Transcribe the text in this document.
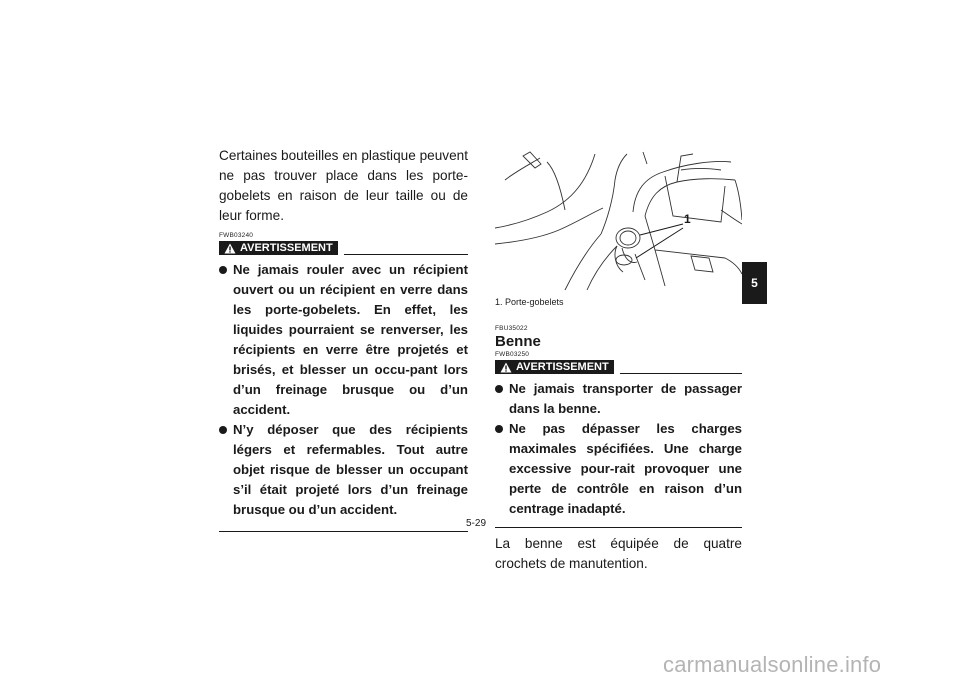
Certaines bouteilles en plastique peuvent ne pas trouver place dans les porte-gobelets en raison de leur taille ou de leur forme.

FWB03240

AVERTISSEMENT
Ne jamais rouler avec un récipient ouvert ou un récipient en verre dans les porte-gobelets. En effet, les liquides pourraient se renverser, les récipients en verre être projetés et brisés, et blesser un occu-pant lors d’un freinage brusque ou d’un accident.
N’y déposer que des récipients légers et refermables. Tout autre objet risque de blesser un occupant s’il était projeté lors d’un freinage brusque ou d’un accident.
1

1. Porte-gobelets

FBU35022

Benne

FWB03250

AVERTISSEMENT
Ne jamais transporter de passager dans la benne.
Ne pas dépasser les charges maximales spécifiées. Une charge excessive pour-rait provoquer une perte de contrôle en raison d’un centrage inadapté.

La benne est équipée de quatre crochets de manutention.

5-29
5
carmanualsonline.info
